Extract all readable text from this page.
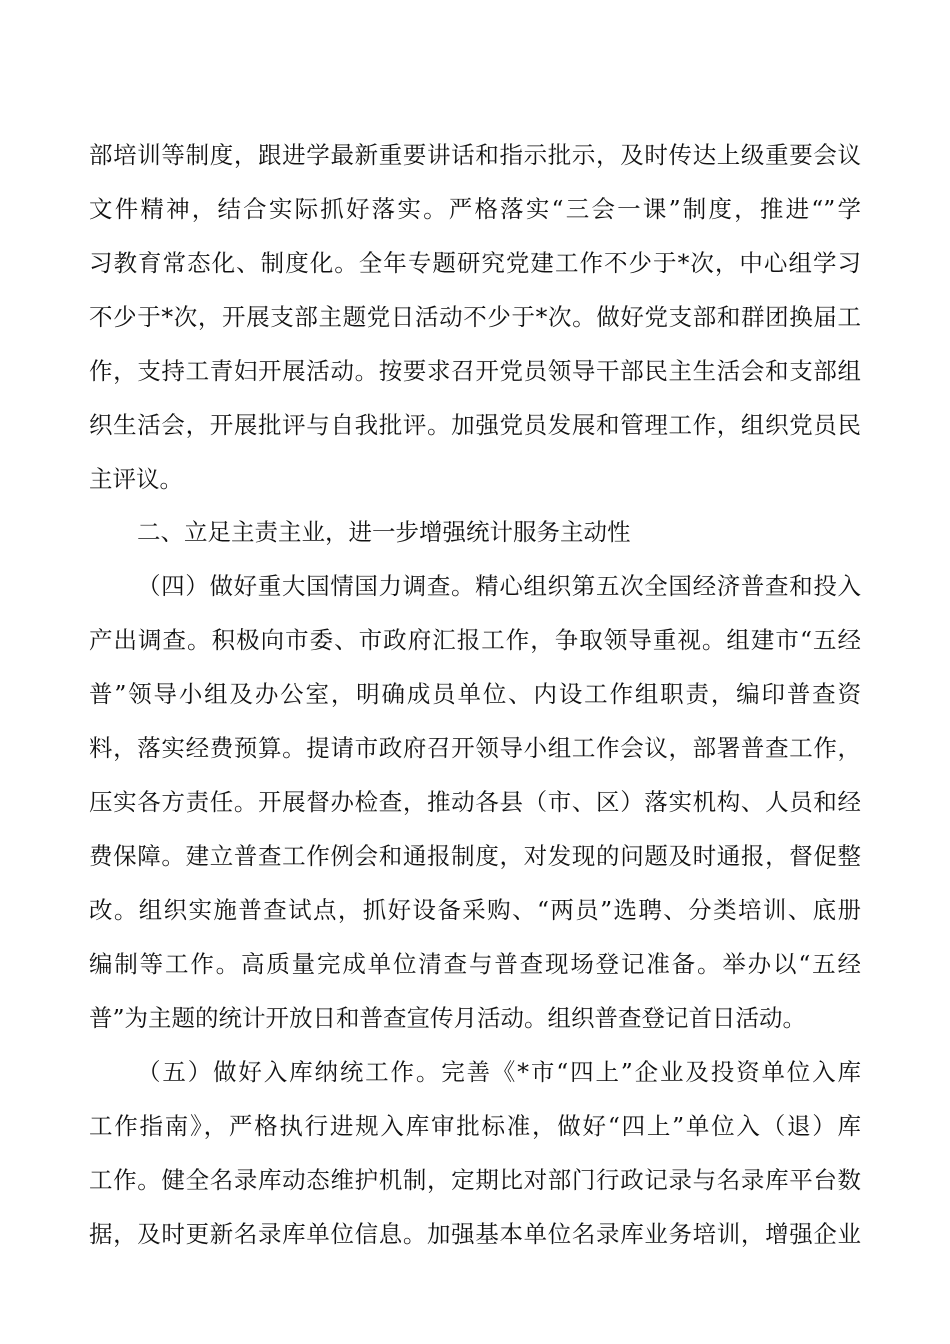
部培训等制度，跟进学最新重要讲话和指示批示，及时传达上级重要会议
文件精神，结合实际抓好落实。严格落实“三会一课”制度，推进“”学
习教育常态化、制度化。全年专题研究党建工作不少于*次，中心组学习
不少于*次，开展支部主题党日活动不少于*次。做好党支部和群团换届工
作，支持工青妇开展活动。按要求召开党员领导干部民主生活会和支部组
织生活会，开展批评与自我批评。加强党员发展和管理工作，组织党员民
主评议。
二、立足主责主业，进一步增强统计服务主动性
（四）做好重大国情国力调查。精心组织第五次全国经济普查和投入
产出调查。积极向市委、市政府汇报工作，争取领导重视。组建市“五经
普”领导小组及办公室，明确成员单位、内设工作组职责，编印普查资
料，落实经费预算。提请市政府召开领导小组工作会议，部署普查工作，
压实各方责任。开展督办检查，推动各县（市、区）落实机构、人员和经
费保障。建立普查工作例会和通报制度，对发现的问题及时通报，督促整
改。组织实施普查试点，抓好设备采购、“两员”选聘、分类培训、底册
编制等工作。高质量完成单位清查与普查现场登记准备。举办以“五经
普”为主题的统计开放日和普查宣传月活动。组织普查登记首日活动。
（五）做好入库纳统工作。完善《*市“四上”企业及投资单位入库
工作指南》，严格执行进规入库审批标准，做好“四上”单位入（退）库
工作。健全名录库动态维护机制，定期比对部门行政记录与名录库平台数
据，及时更新名录库单位信息。加强基本单位名录库业务培训，增强企业
